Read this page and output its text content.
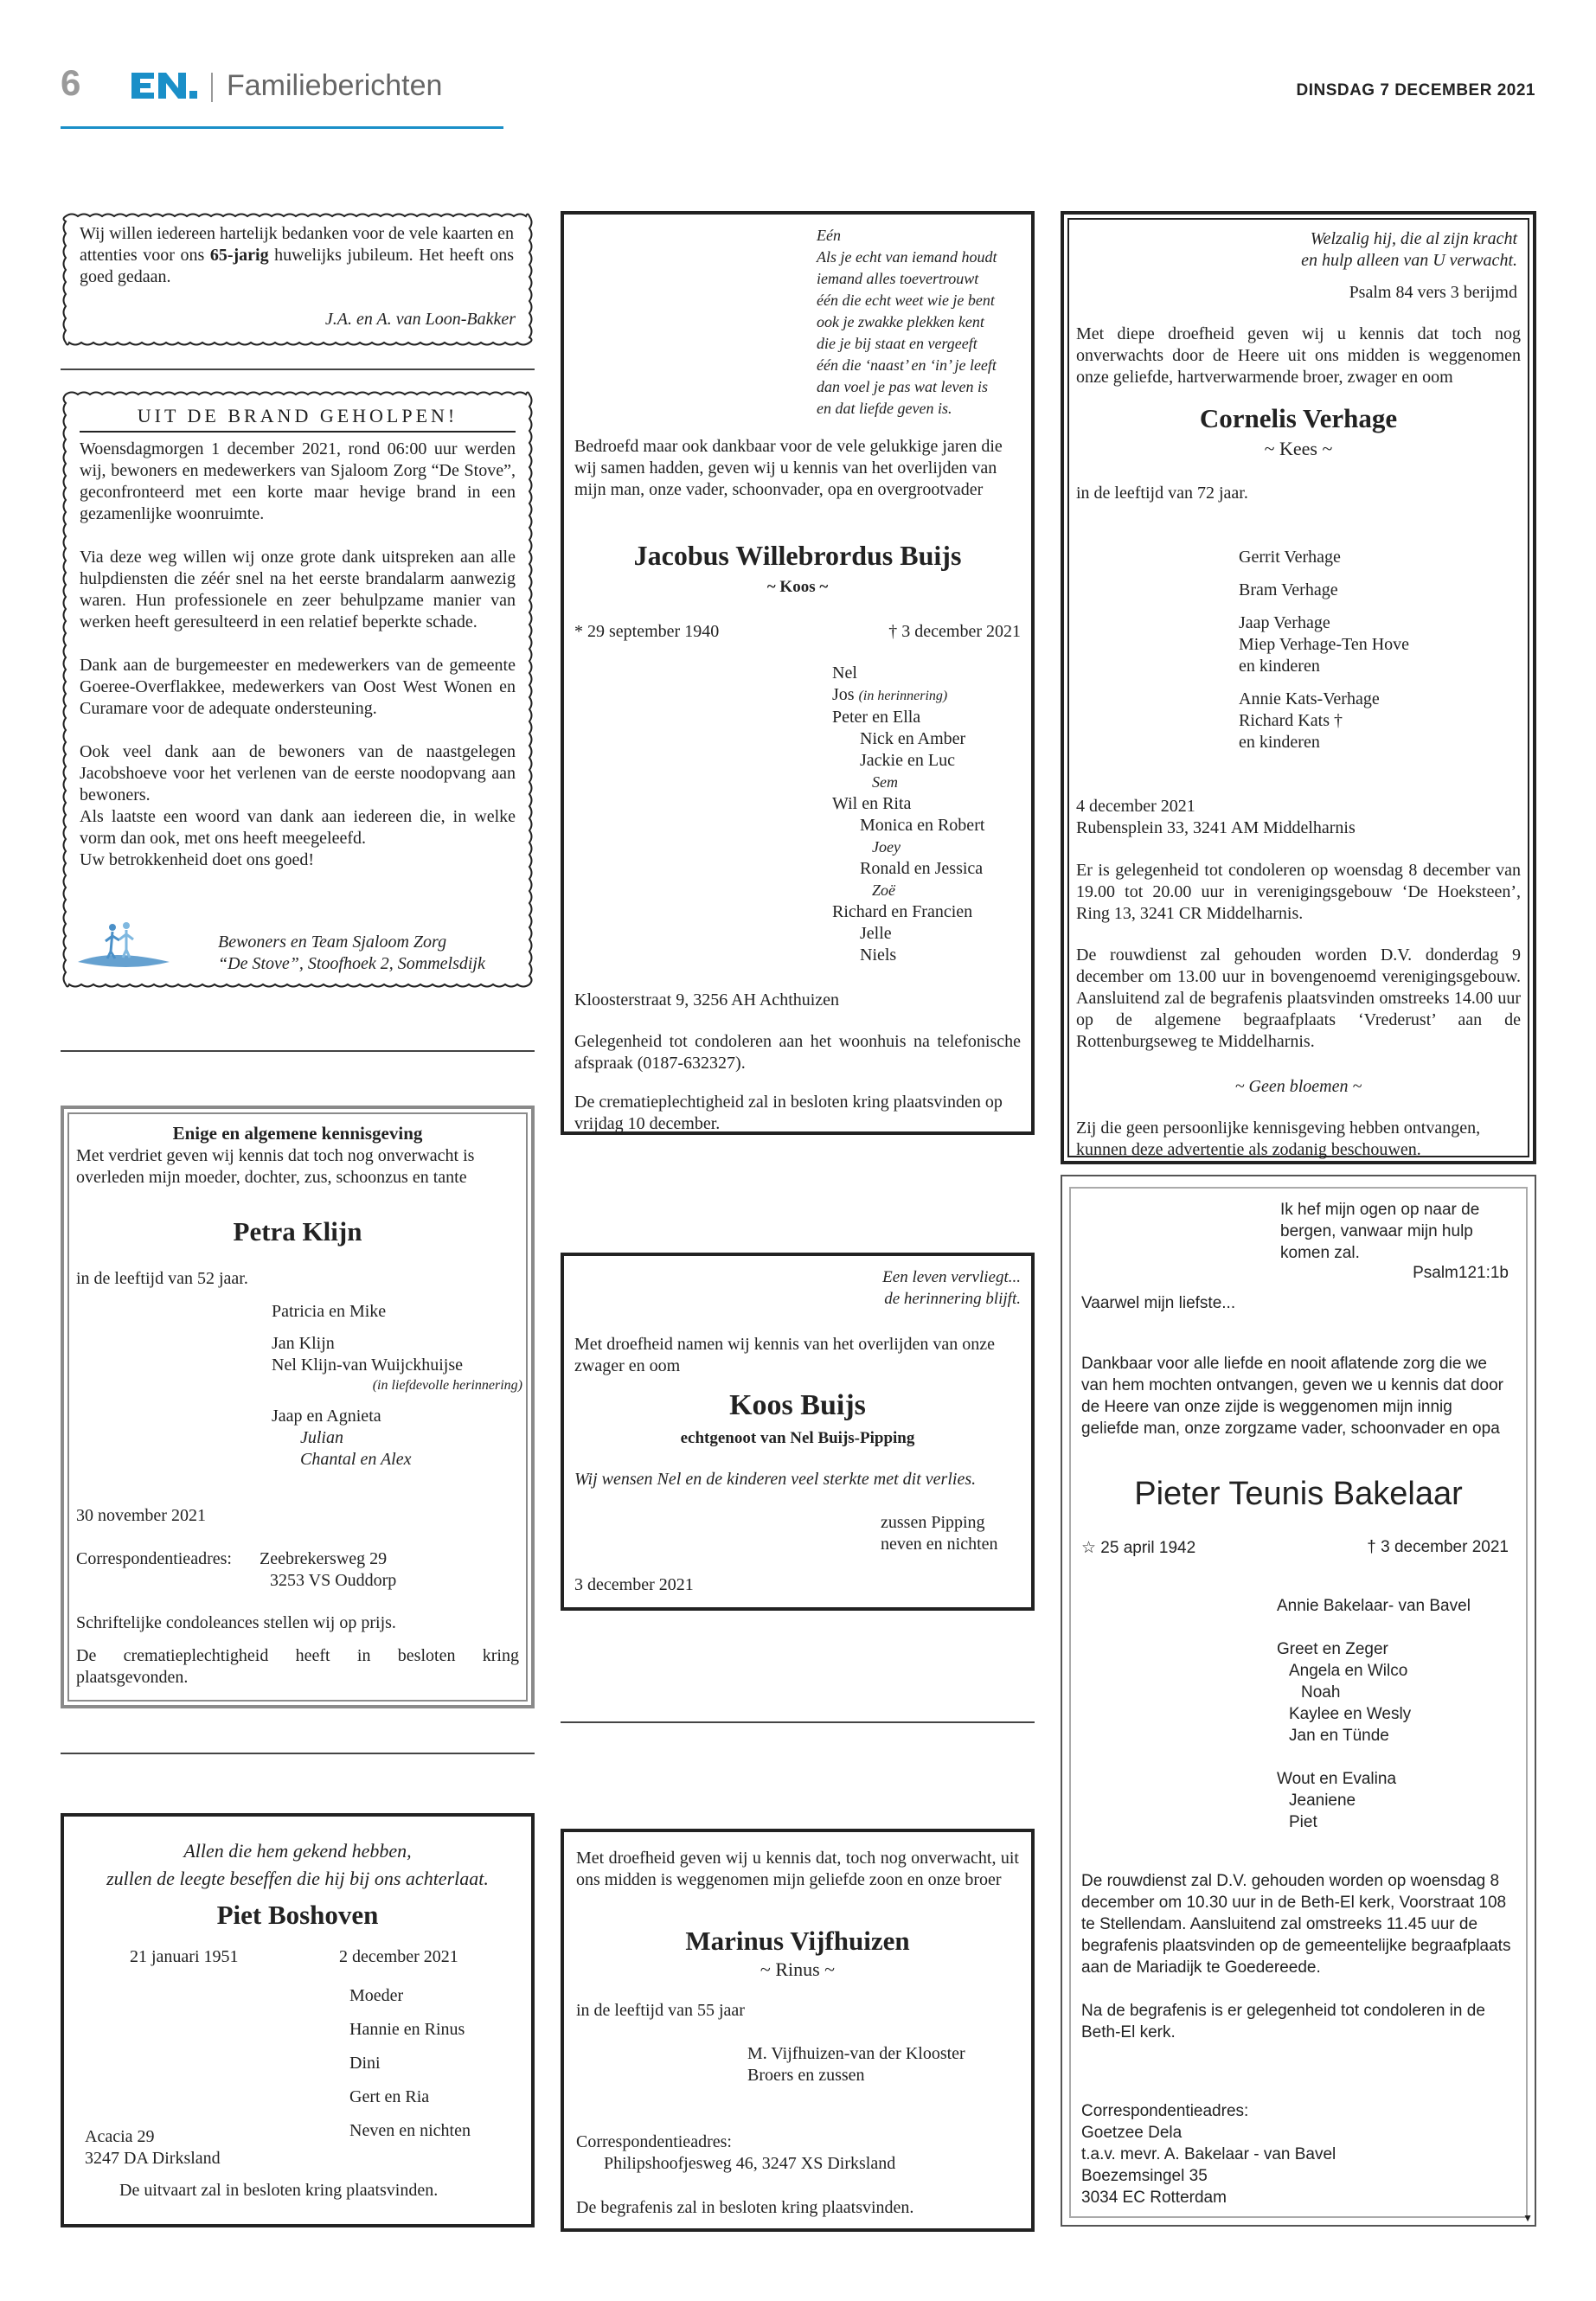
6	Familieberichten	DINSDAG 7 DECEMBER 2021
Wij willen iedereen hartelijk bedanken voor de vele kaarten en attenties voor ons 65-jarig huwelijks jubileum. Het heeft ons goed gedaan.
J.A. en A. van Loon-Bakker
UIT DE BRAND GEHOLPEN!

Woensdagmorgen 1 december 2021, rond 06:00 uur werden wij, bewoners en medewerkers van Sjaloom Zorg “De Stove”, geconfronteerd met een korte maar hevige brand in een gezamenlijke woonruimte.

Via deze weg willen wij onze grote dank uitspreken aan alle hulpdiensten die zéér snel na het eerste brandalarm aanwezig waren. Hun professionele en zeer behulpzame manier van werken heeft geresulteerd in een relatief beperkte schade.

Dank aan de burgemeester en medewerkers van de gemeente Goeree-Overflakkee, medewerkers van Oost West Wonen en Curamare voor de adequate ondersteuning.

Ook veel dank aan de bewoners van de naastgelegen Jacobshoeve voor het verlenen van de eerste noodopvang aan bewoners.

Als laatste een woord van dank aan iedereen die, in welke vorm dan ook, met ons heeft meegeleefd.

Uw betrokkenheid doet ons goed!

Sjaloom Zorg

Bewoners en Team Sjaloom Zorg

“De Stove”, Stoofhoek 2, Sommelsdijk

Enige en algemene kennisgeving
Met verdriet geven wij kennis dat toch nog onverwacht is overleden mijn moeder, dochter, zus, schoonzus en tante
Petra Klijn
in de leeftijd van 52 jaar.

Patricia en Mike

Jan Klijn

Nel Klijn-van Wuijckhuijse

(in liefdevolle herinnering)

Jaap en Agnieta

Julian

Chantal en Alex

30 november 2021
Correspondentieadres: Zeebrekersweg 29

3253 VS Ouddorp

Schriftelijke condoleances stellen wij op prijs.
De crematieplechtigheid heeft in besloten kring plaatsgevonden.

Allen die hem gekend hebben,

zullen de leegte beseffen die hij bij ons achterlaat.

Piet Boshoven
21 januari 1951	2 december 2021

Moeder

Hannie en Rinus

Dini

Gert en Ria

Neven en nichten

Acacia 29

3247 DA Dirksland

De uitvaart zal in besloten kring plaatsvinden.

Eén

Als je echt van iemand houdt

iemand alles toevertrouwt

één die echt weet wie je bent

ook je zwakke plekken kent

die je bij staat en vergeeft

één die ‘naast’ en ‘in’ je leeft

dan voel je pas wat leven is

en dat liefde geven is.

Bedroefd maar ook dankbaar voor de vele gelukkige jaren die wij samen hadden, geven wij u kennis van het overlijden van mijn man, onze vader, schoonvader, opa en overgrootvader
Jacobus Willebrordus Buijs
~ Koos ~
* 29 september 1940	† 3 december 2021

Nel

Jos (in herinnering)

Peter en Ella

Nick en Amber

Jackie en Luc

Sem

Wil en Rita

Monica en Robert

Joey

Ronald en Jessica

Zoë

Richard en Francien

Jelle

Niels

Kloosterstraat 9, 3256 AH Achthuizen
Gelegenheid tot condoleren aan het woonhuis na telefonische afspraak (0187-632327).
De crematieplechtigheid zal in besloten kring plaatsvinden op vrijdag 10 december.

Een leven vervliegt...

de herinnering blijft.

Met droefheid namen wij kennis van het overlijden van onze zwager en oom
Koos Buijs
echtgenoot van Nel Buijs-Pipping
Wij wensen Nel en de kinderen veel sterkte met dit verlies.

zussen Pipping

neven en nichten

3 december 2021
Met droefheid geven wij u kennis dat, toch nog onverwacht, uit ons midden is weggenomen mijn geliefde zoon en onze broer
Marinus Vijfhuizen
~ Rinus ~
in de leeftijd van 55 jaar

M. Vijfhuizen-van der Klooster

Broers en zussen

Correspondentieadres:

Philipshoofjesweg 46, 3247 XS Dirksland

De begrafenis zal in besloten kring plaatsvinden.

Welzalig hij, die al zijn kracht

en hulp alleen van U verwacht.

Psalm 84 vers 3 berijmd
Met diepe droefheid geven wij u kennis dat toch nog onverwachts door de Heere uit ons midden is weggenomen onze geliefde, hartverwarmende broer, zwager en oom
Cornelis Verhage
~ Kees ~
in de leeftijd van 72 jaar.

Gerrit Verhage

Bram Verhage

Jaap Verhage

Miep Verhage-Ten Hove

en kinderen

Annie Kats-Verhage

Richard Kats †

en kinderen

4 december 2021

Rubensplein 33, 3241 AM Middelharnis

Er is gelegenheid tot condoleren op woensdag 8 december van 19.00 tot 20.00 uur in verenigingsgebouw ‘De Hoeksteen’, Ring 13, 3241 CR Middelharnis.
De rouwdienst zal gehouden worden D.V. donderdag 9 december om 13.00 uur in bovengenoemd verenigingsgebouw. Aansluitend zal de begrafenis plaatsvinden omstreeks 14.00 uur op de algemene begraafplaats ‘Vrederust’ aan de Rottenburgseweg te Middelharnis.
~ Geen bloemen ~
Zij die geen persoonlijke kennisgeving hebben ontvangen, kunnen deze advertentie als zodanig beschouwen.

Ik hef mijn ogen op naar de

bergen, vanwaar mijn hulp

komen zal.

Psalm121:1b
Vaarwel mijn liefste...
Dankbaar voor alle liefde en nooit aflatende zorg die we van hem mochten ontvangen, geven we u kennis dat door de Heere van onze zijde is weggenomen mijn innig geliefde man, onze zorgzame vader, schoonvader en opa
Pieter Teunis Bakelaar
☆ 25 april 1942	† 3 december 2021

Annie Bakelaar- van Bavel

Greet en Zeger

Angela en Wilco

Noah

Kaylee en Wesly

Jan en Tünde

Wout en Evalina

Jeaniene

Piet

De rouwdienst zal D.V. gehouden worden op woensdag 8 december om 10.30 uur in de Beth-El kerk, Voorstraat 108 te Stellendam. Aansluitend zal omstreeks 11.45 uur de begrafenis plaatsvinden op de gemeentelijke begraafplaats aan de Mariadijk te Goedereede.
Na de begrafenis is er gelegenheid tot condoleren in de Beth-El kerk.

Correspondentieadres:

Goetzee Dela

t.a.v. mevr. A. Bakelaar - van Bavel

Boezemsingel 35

3034 EC Rotterdam

▼
